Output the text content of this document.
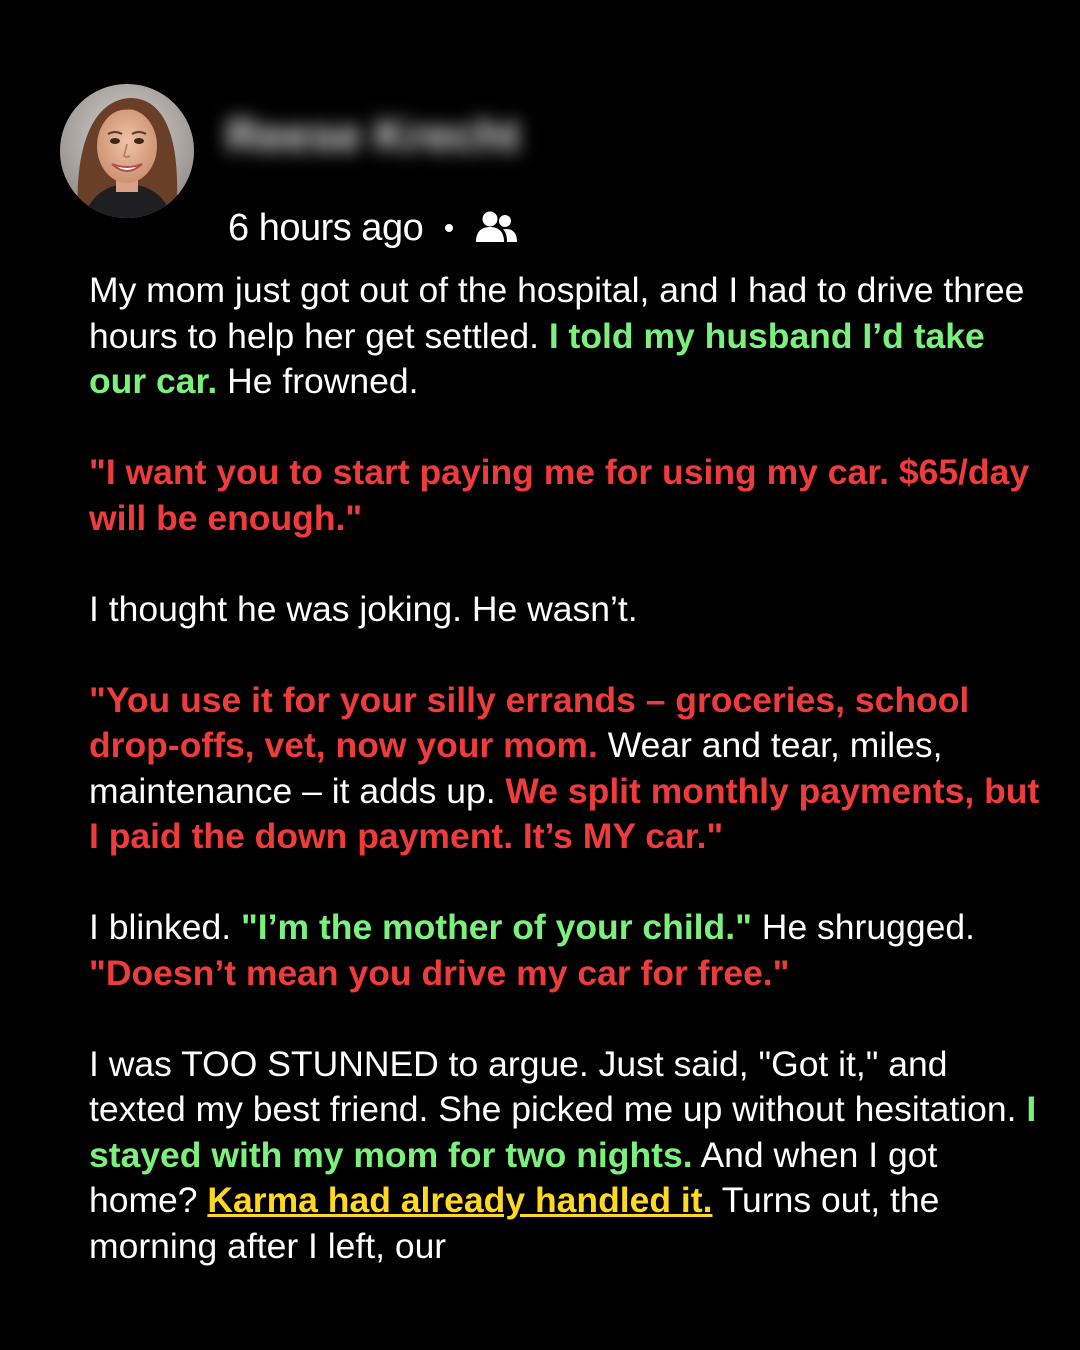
Reese Krecht
6 hours ago

My mom just got out of the hospital, and I had to drive three hours to help her get settled. I told my husband I’d take our car. He frowned.

"I want you to start paying me for using my car. $65/day will be enough."

I thought he was joking. He wasn’t.

"You use it for your silly errands – groceries, school drop-offs, vet, now your mom. Wear and tear, miles, maintenance – it adds up. We split monthly payments, but I paid the down payment. It’s MY car."

I blinked. "I’m the mother of your child." He shrugged. "Doesn’t mean you drive my car for free."

I was TOO STUNNED to argue. Just said, "Got it," and texted my best friend. She picked me up without hesitation. I stayed with my mom for two nights. And when I got home? Karma had already handled it. Turns out, the morning after I left, our
